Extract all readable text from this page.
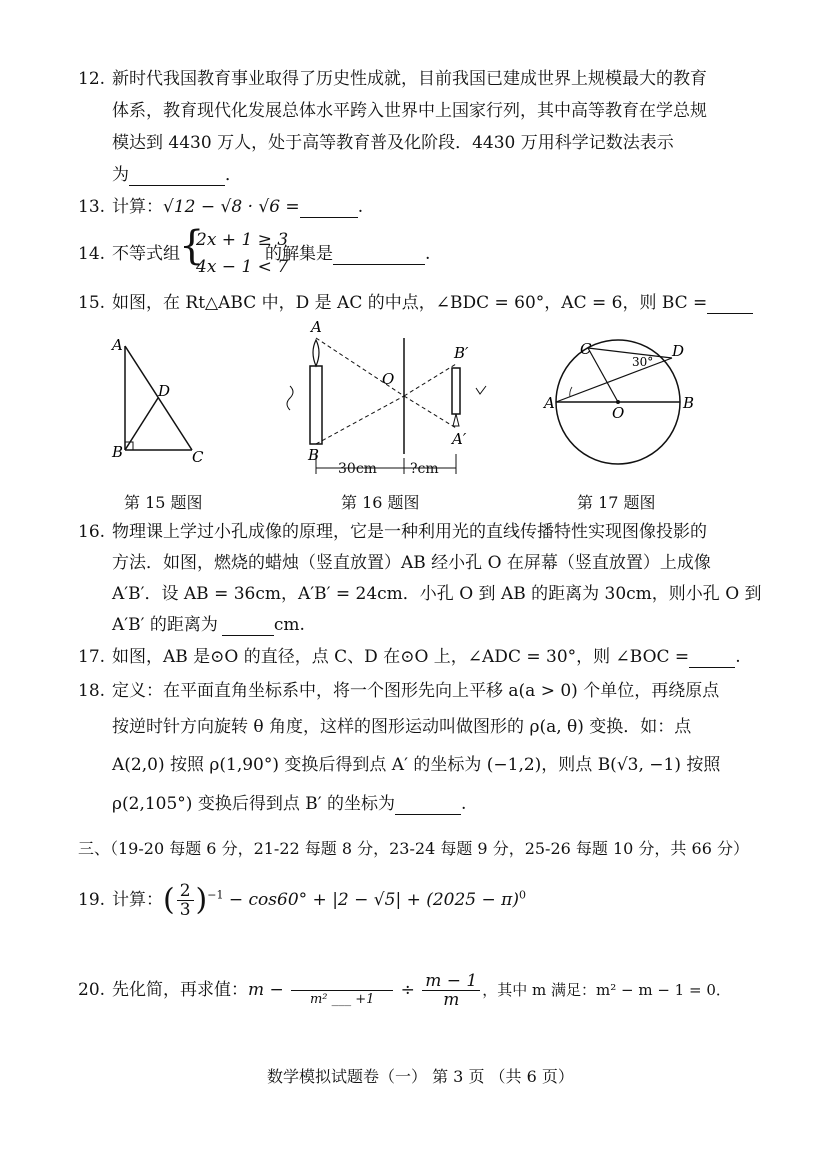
12. 新时代我国教育事业取得了历史性成就，目前我国已建成世界上规模最大的教育
体系，教育现代化发展总体水平跨入世界中上国家行列，其中高等教育在学总规
模达到 4430 万人，处于高等教育普及化阶段．4430 万用科学记数法表示
为	．
13. 计算：√12 − √8 · √6 =	.
14. 不等式组 {
2x + 1 ≥ 3
4x − 1 < 7
的解集是	.
15. 如图，在 Rt△ABC 中，D 是 AC 的中点，∠BDC = 60°，AC = 6，则 BC =
A
B	C
D
第 15 题图
A
B
O
B′
A′
30cm ?cm
第 16 题图
C	D
A	B
O
30°
第 17 题图
16. 物理课上学过小孔成像的原理，它是一种利用光的直线传播特性实现图像投影的
方法．如图，燃烧的蜡烛（竖直放置）AB 经小孔 O 在屏幕（竖直放置）上成像
A′B′．设 AB = 36cm，A′B′ = 24cm．小孔 O 到 AB 的距离为 30cm，则小孔 O 到
A′B′ 的距离为	cm.
17. 如图，AB 是⊙O 的直径，点 C、D 在⊙O 上，∠ADC = 30°，则 ∠BOC =	.
18. 定义：在平面直角坐标系中，将一个图形先向上平移 a(a > 0) 个单位，再绕原点
按逆时针方向旋转 θ 角度，这样的图形运动叫做图形的 ρ(a, θ) 变换．如：点
A(2,0) 按照 ρ(1,90°) 变换后得到点 A′ 的坐标为 (−1,2)，则点 B(√3, −1) 按照
ρ(2,105°) 变换后得到点 B′ 的坐标为	.
三、（19-20 每题 6 分，21-22 每题 8 分，23-24 每题 9 分，25-26 每题 10 分，共 66 分）
19. 计算：( $\frac{2}{3} )^{-1} - \cos 60^\circ + |2 - √5| + (2025 - \pi)^0$
20. 先化简，再求值：m −	m² ___ +1	÷ $\frac{m - 1}{m}$ ，其中 m 满足：m² − m − 1 = 0．
数学模拟试题卷（一） 第 3 页 （共 6 页）
